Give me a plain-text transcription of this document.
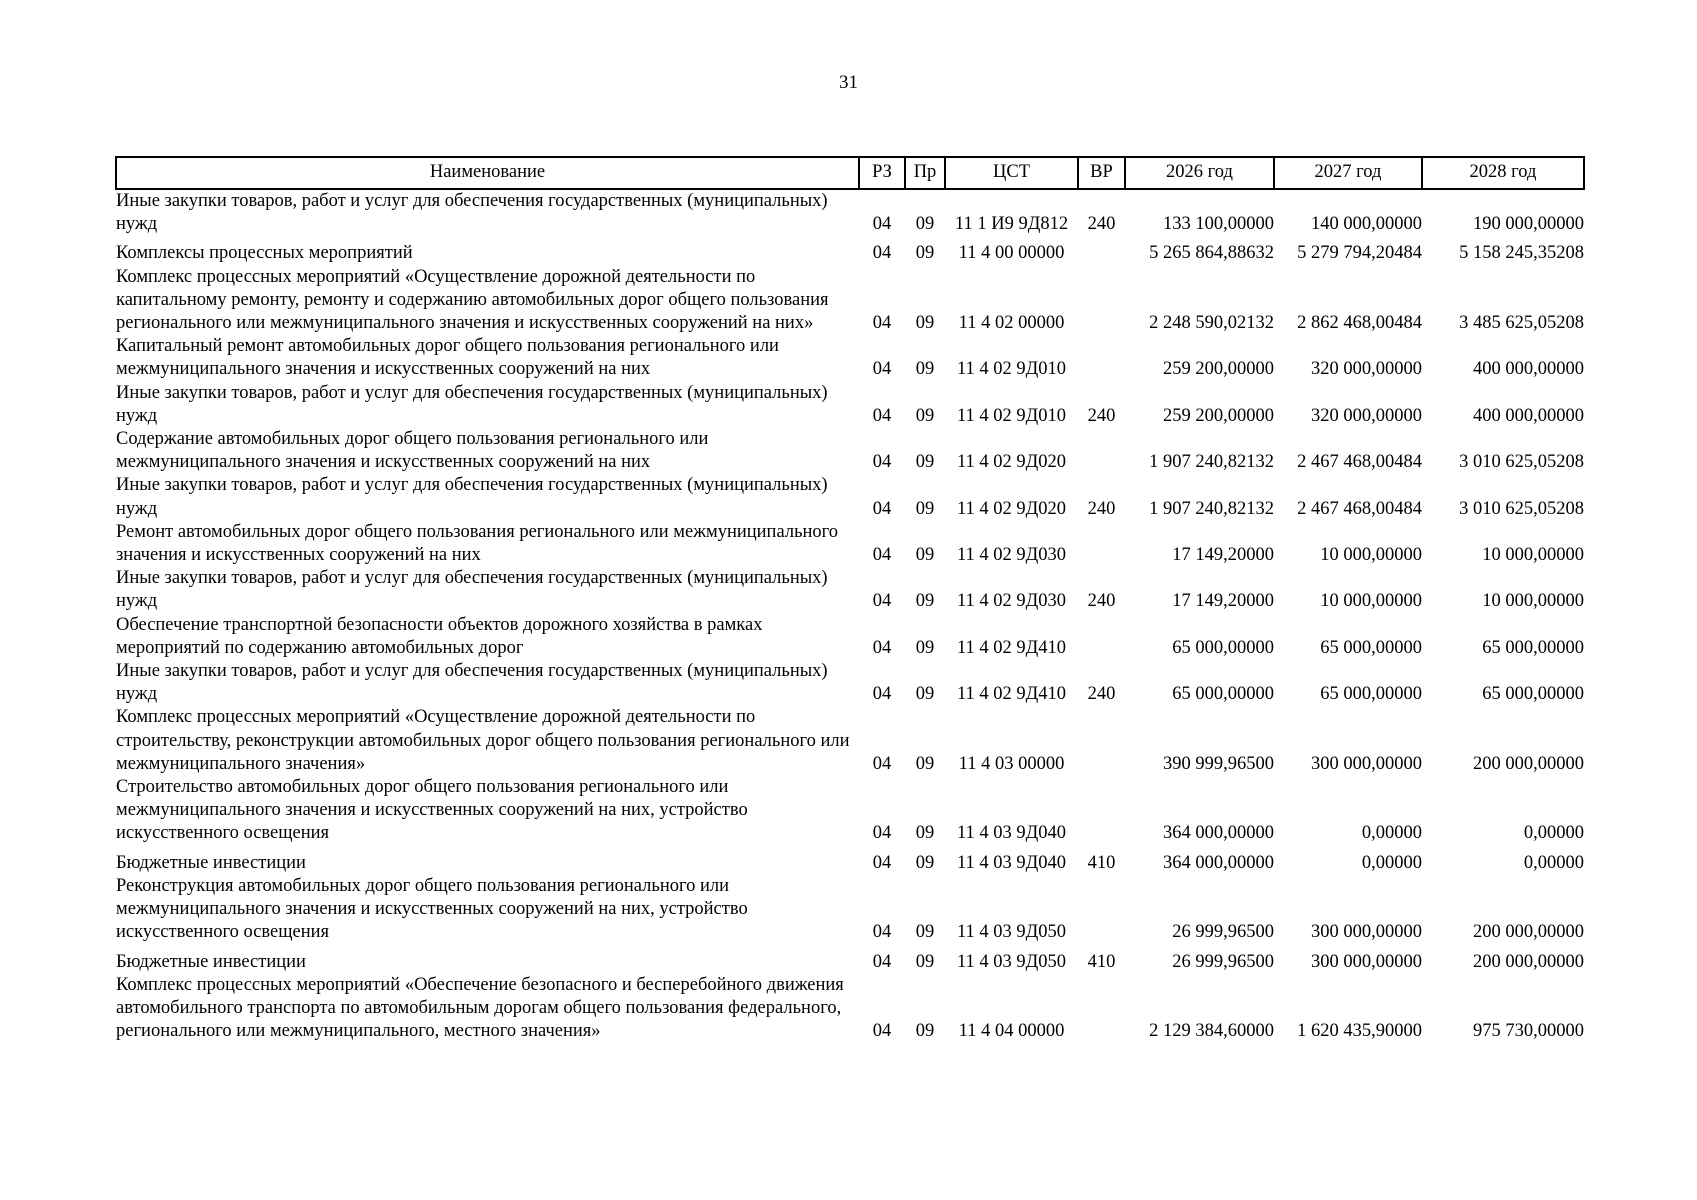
31
Наименование	РЗ	Пр	ЦСТ	ВР	2026 год	2027 год	2028 год
Иные закупки товаров, работ и услуг для обеспечения государственных (муниципальных) нужд	04	09	11 1 И9 9Д812	240	133 100,00000	140 000,00000	190 000,00000
Комплексы процессных мероприятий	04	09	11 4 00 00000		5 265 864,88632	5 279 794,20484	5 158 245,35208
Комплекс процессных мероприятий «Осуществление дорожной деятельности по капитальному ремонту, ремонту и содержанию автомобильных дорог общего пользования регионального или межмуниципального значения и искусственных сооружений на них»	04	09	11 4 02 00000		2 248 590,02132	2 862 468,00484	3 485 625,05208
Капитальный ремонт автомобильных дорог общего пользования регионального или межмуниципального значения и искусственных сооружений на них	04	09	11 4 02 9Д010		259 200,00000	320 000,00000	400 000,00000
Иные закупки товаров, работ и услуг для обеспечения государственных (муниципальных) нужд	04	09	11 4 02 9Д010	240	259 200,00000	320 000,00000	400 000,00000
Содержание автомобильных дорог общего пользования регионального или межмуниципального значения и искусственных сооружений на них	04	09	11 4 02 9Д020		1 907 240,82132	2 467 468,00484	3 010 625,05208
Иные закупки товаров, работ и услуг для обеспечения государственных (муниципальных) нужд	04	09	11 4 02 9Д020	240	1 907 240,82132	2 467 468,00484	3 010 625,05208
Ремонт автомобильных дорог общего пользования регионального или межмуниципального значения и искусственных сооружений на них	04	09	11 4 02 9Д030		17 149,20000	10 000,00000	10 000,00000
Иные закупки товаров, работ и услуг для обеспечения государственных (муниципальных) нужд	04	09	11 4 02 9Д030	240	17 149,20000	10 000,00000	10 000,00000
Обеспечение транспортной безопасности объектов дорожного хозяйства в рамках мероприятий по содержанию автомобильных дорог	04	09	11 4 02 9Д410		65 000,00000	65 000,00000	65 000,00000
Иные закупки товаров, работ и услуг для обеспечения государственных (муниципальных) нужд	04	09	11 4 02 9Д410	240	65 000,00000	65 000,00000	65 000,00000
Комплекс процессных мероприятий «Осуществление дорожной деятельности по строительству, реконструкции автомобильных дорог общего пользования регионального или межмуниципального значения»	04	09	11 4 03 00000		390 999,96500	300 000,00000	200 000,00000
Строительство автомобильных дорог общего пользования регионального или межмуниципального значения и искусственных сооружений на них, устройство искусственного освещения	04	09	11 4 03 9Д040		364 000,00000	0,00000	0,00000
Бюджетные инвестиции	04	09	11 4 03 9Д040	410	364 000,00000	0,00000	0,00000
Реконструкция автомобильных дорог общего пользования регионального или межмуниципального значения и искусственных сооружений на них, устройство искусственного освещения	04	09	11 4 03 9Д050		26 999,96500	300 000,00000	200 000,00000
Бюджетные инвестиции	04	09	11 4 03 9Д050	410	26 999,96500	300 000,00000	200 000,00000
Комплекс процессных мероприятий «Обеспечение безопасного и бесперебойного движения автомобильного транспорта по автомобильным дорогам общего пользования федерального, регионального или межмуниципального, местного значения»	04	09	11 4 04 00000		2 129 384,60000	1 620 435,90000	975 730,00000
